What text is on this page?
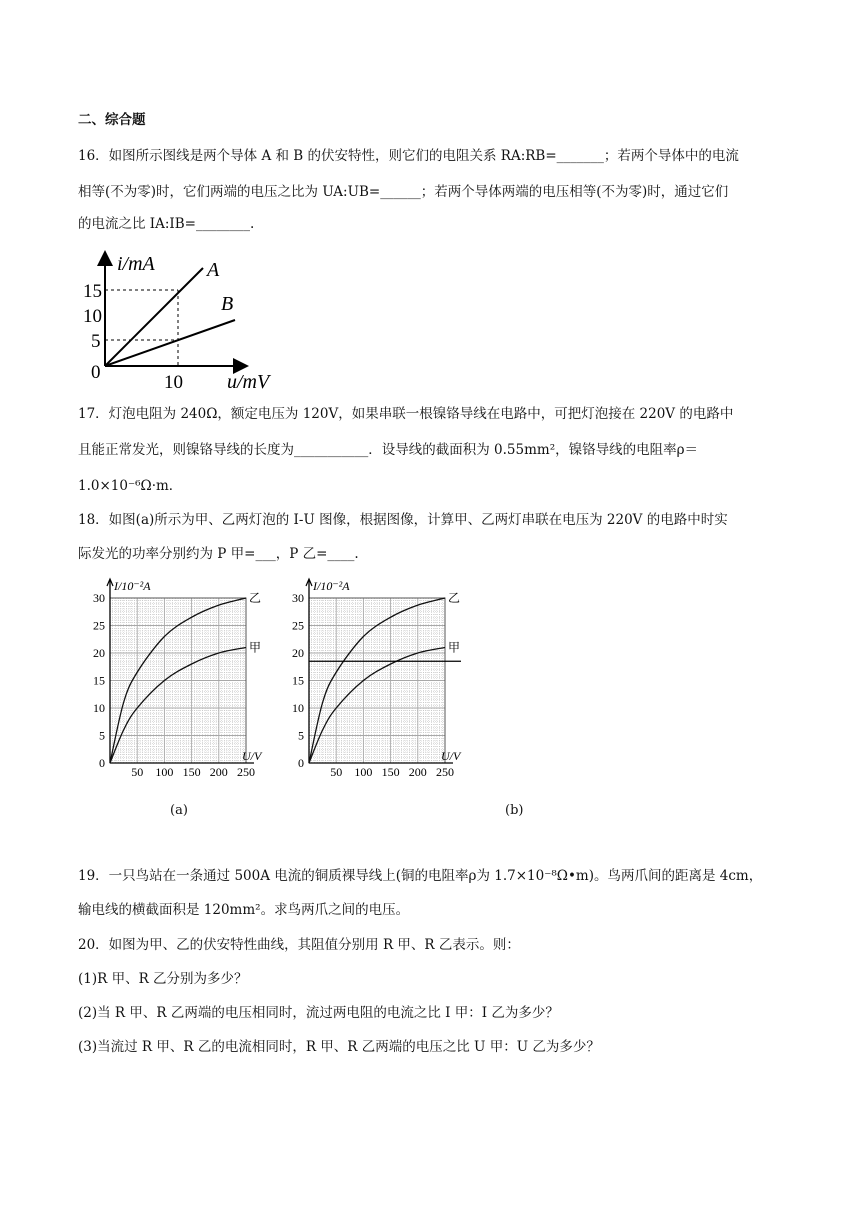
二、综合题
16．如图所示图线是两个导体 A 和 B 的伏安特性，则它们的电阻关系 RA:RB=_______；若两个导体中的电流
相等(不为零)时，它们两端的电压之比为 UA:UB=______；若两个导体两端的电压相等(不为零)时，通过它们
的电流之比 IA:IB=________.
i/mA
u/mV
A
B
15
10
5
0	10
17．灯泡电阻为 240Ω，额定电压为 120V，如果串联一根镍铬导线在电路中，可把灯泡接在 220V 的电路中
且能正常发光，则镍铬导线的长度为___________．设导线的截面积为 0.55mm²，镍铬导线的电阻率ρ＝
1.0×10⁻⁶Ω·m．
18．如图(a)所示为甲、乙两灯泡的 I-U 图像，根据图像，计算甲、乙两灯串联在电压为 220V 的电路中时实
际发光的功率分别约为 P 甲=___，P 乙=____.
0
5
10
15
20
25
30
50 100 150 200 250
I/10⁻²A
U/V
乙
甲
0
5
10
15
20
25
30
50 100 150 200 250
I/10⁻²A
U/V
乙
甲
(a)	(b)
19．一只鸟站在一条通过 500A 电流的铜质裸导线上(铜的电阻率ρ为 1.7×10⁻⁸Ω•m)。鸟两爪间的距离是 4cm，
输电线的横截面积是 120mm²。求鸟两爪之间的电压。
20．如图为甲、乙的伏安特性曲线，其阻值分别用 R 甲、R 乙表示。则：
(1)R 甲、R 乙分别为多少？
(2)当 R 甲、R 乙两端的电压相同时，流过两电阻的电流之比 I 甲：I 乙为多少？
(3)当流过 R 甲、R 乙的电流相同时，R 甲、R 乙两端的电压之比 U 甲：U 乙为多少？
